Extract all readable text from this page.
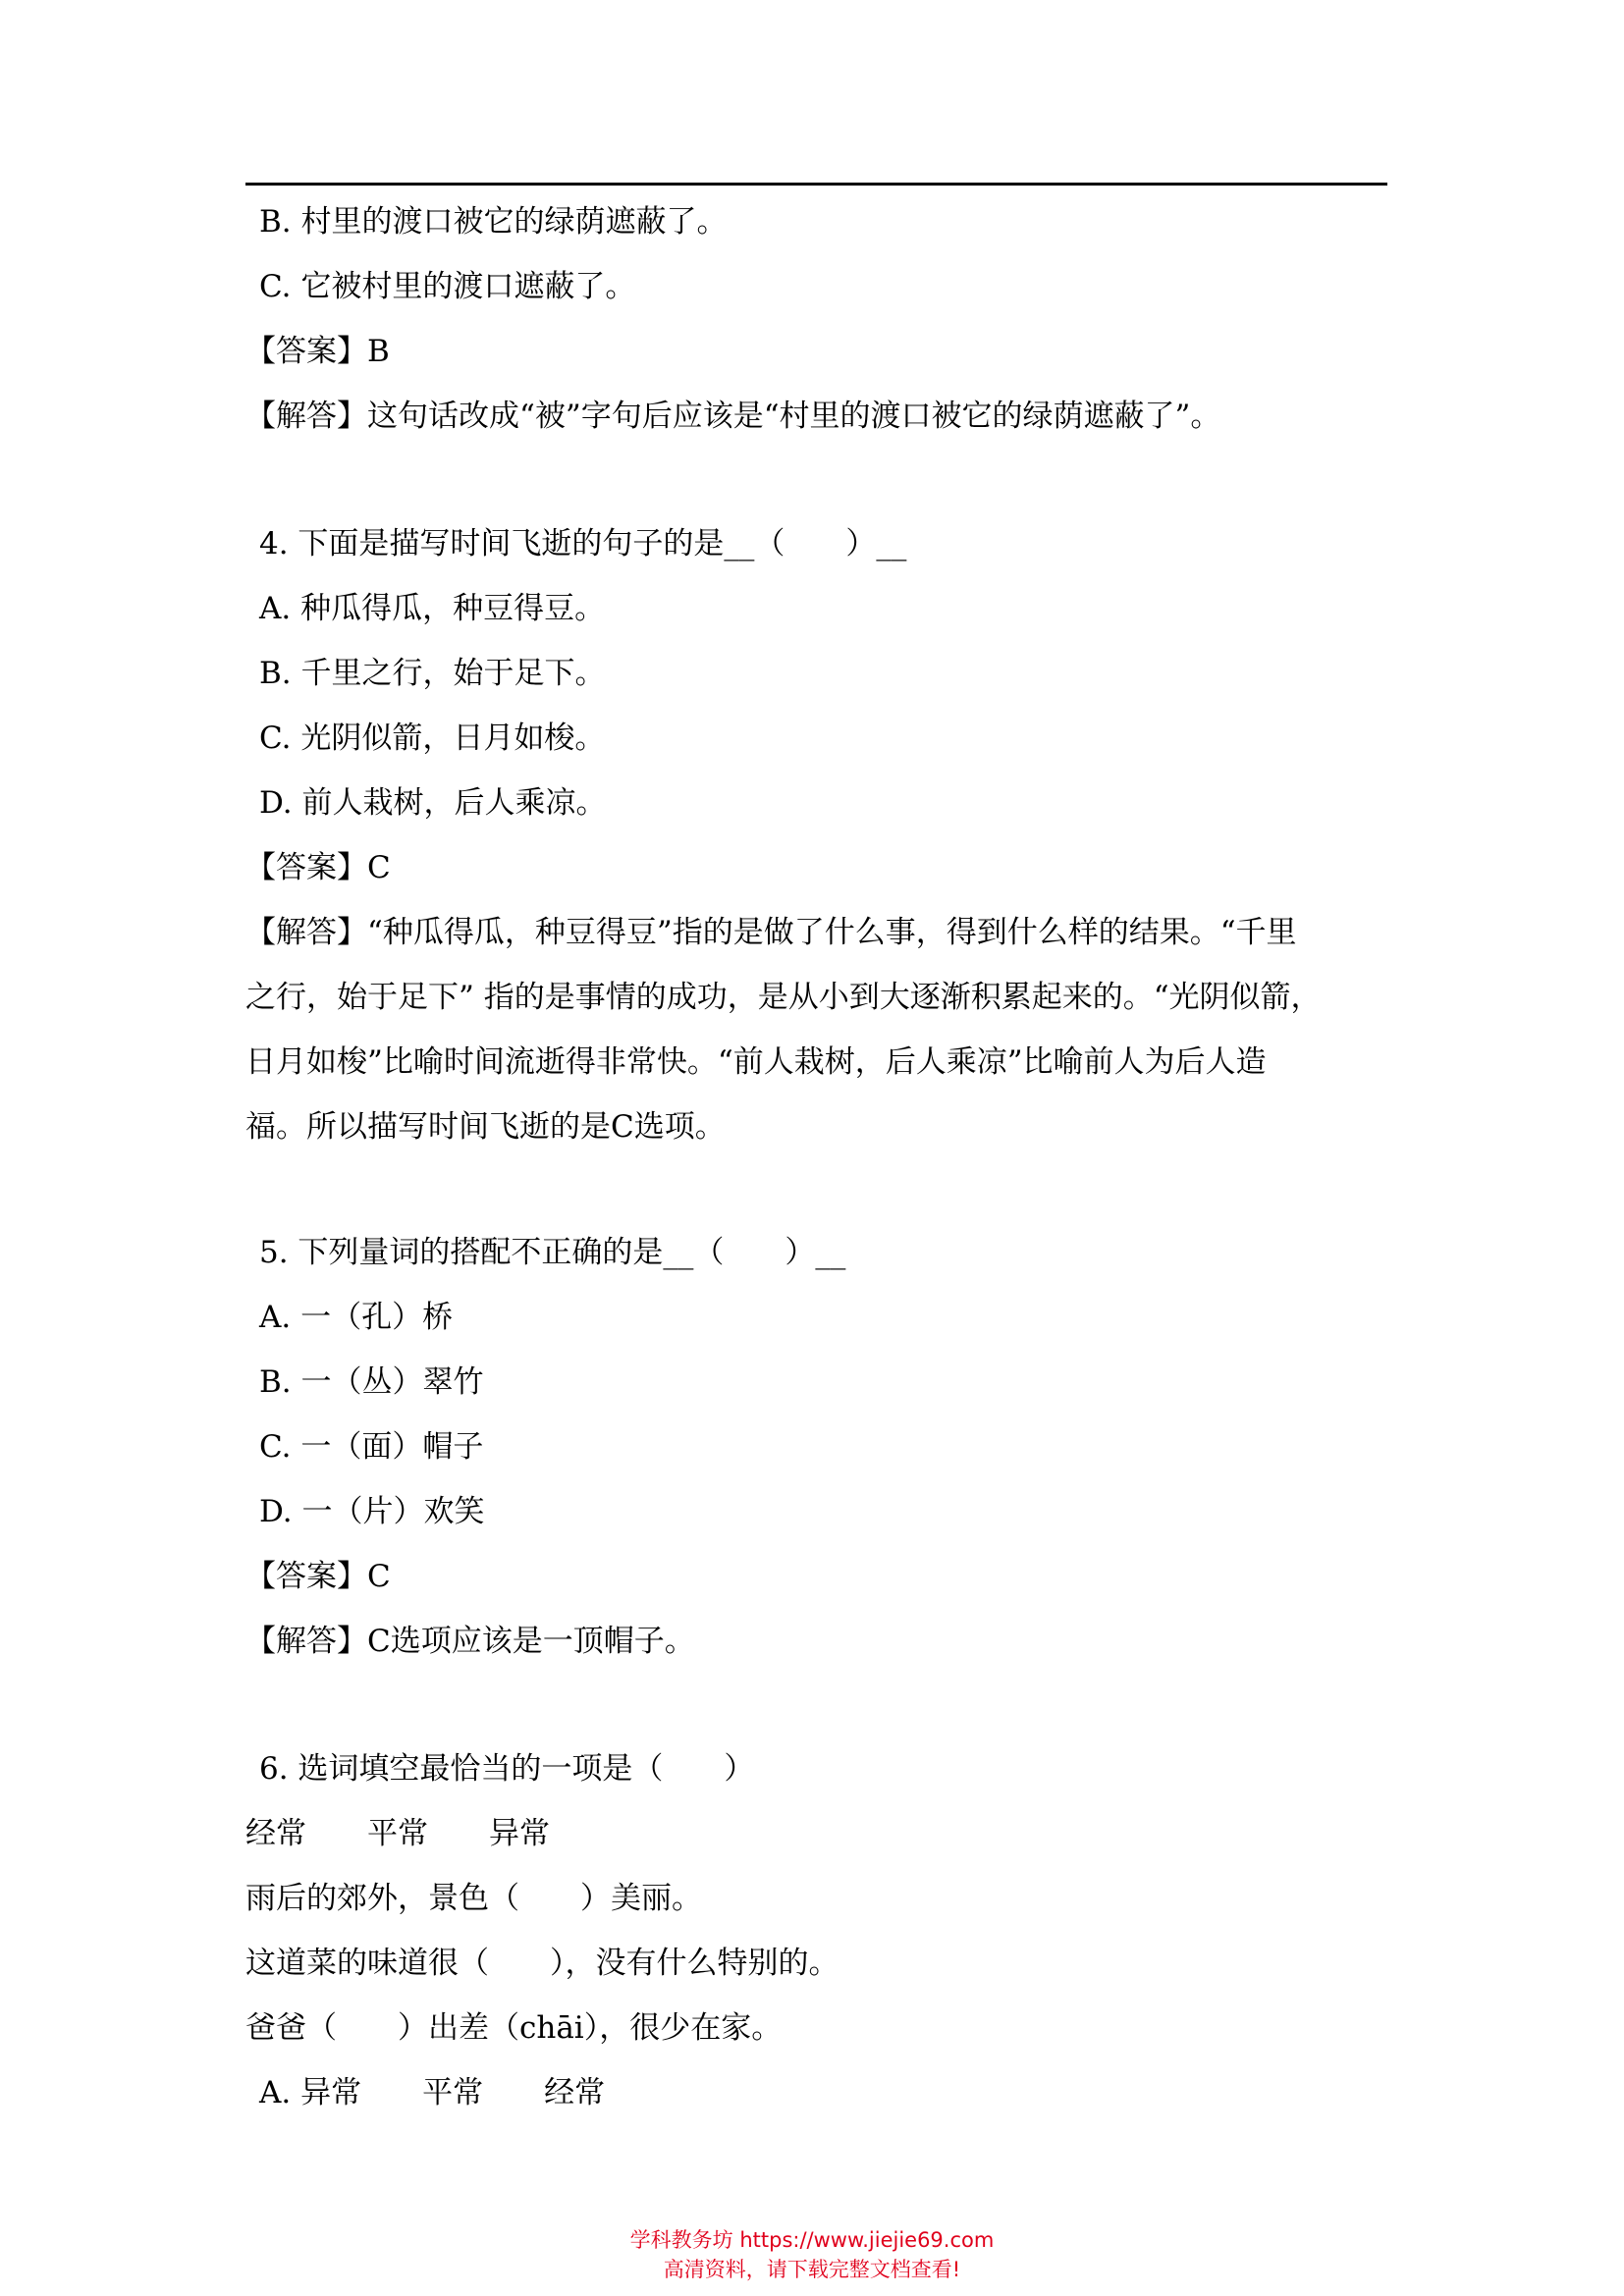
B. 村里的渡口被它的绿荫遮蔽了。
C. 它被村里的渡口遮蔽了。
【答案】B
【解答】这句话改成“被”字句后应该是“村里的渡口被它的绿荫遮蔽了”。
4. 下面是描写时间飞逝的句子的是__（　　）__
A. 种瓜得瓜，种豆得豆。
B. 千里之行，始于足下。
C. 光阴似箭，日月如梭。
D. 前人栽树，后人乘凉。
【答案】C
【解答】“种瓜得瓜，种豆得豆”指的是做了什么事，得到什么样的结果。“千里
之行，始于足下” 指的是事情的成功，是从小到大逐渐积累起来的。“光阴似箭，
日月如梭”比喻时间流逝得非常快。“前人栽树，后人乘凉”比喻前人为后人造
福。所以描写时间飞逝的是C选项。
5. 下列量词的搭配不正确的是__（　　）__
A. 一（孔）桥
B. 一（丛）翠竹
C. 一（面）帽子
D. 一（片）欢笑
【答案】C
【解答】C选项应该是一顶帽子。
6. 选词填空最恰当的一项是（　　）
经常　　平常　　异常
雨后的郊外，景色（　　）美丽。
这道菜的味道很（　　），没有什么特别的。
爸爸（　　）出差（chāi），很少在家。
A. 异常　　平常　　经常
学科教务坊 https://www.jiejie69.com
高清资料，请下载完整文档查看!
